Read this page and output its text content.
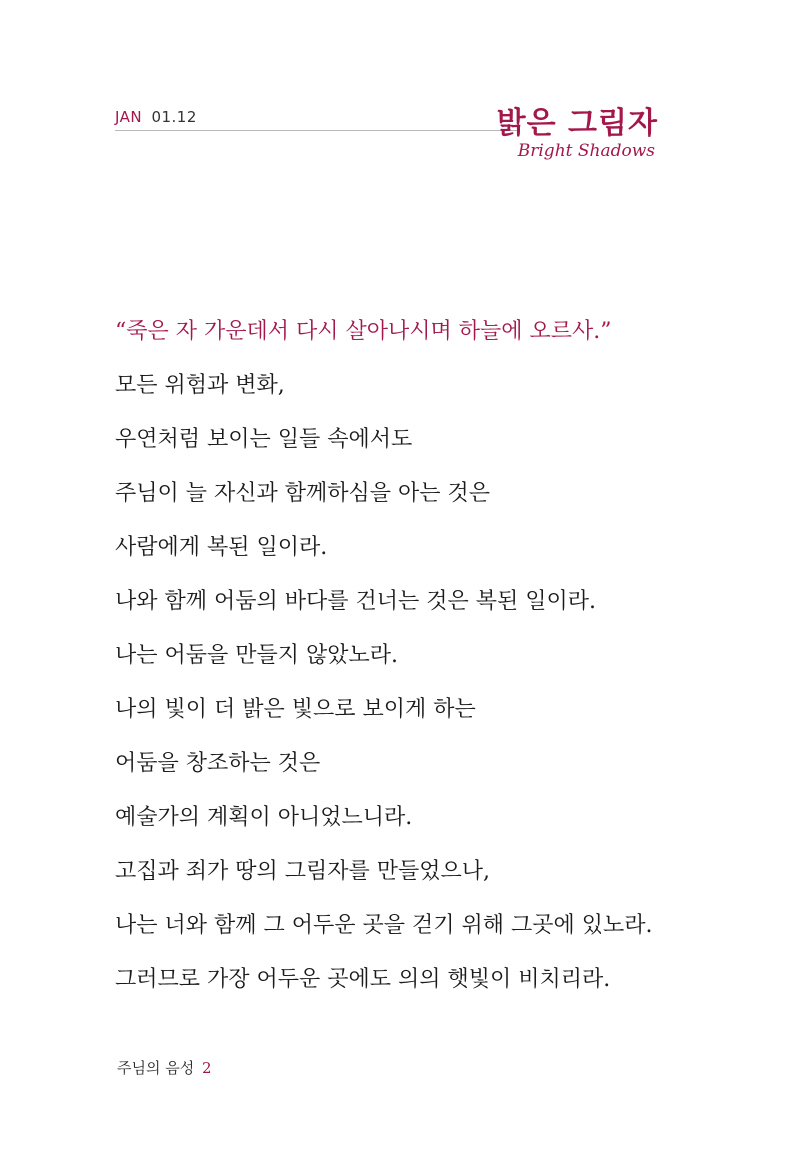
JAN 01.12	밝은 그림자
Bright Shadows
“죽은 자 가운데서 다시 살아나시며 하늘에 오르사.”
모든 위험과 변화,
우연처럼 보이는 일들 속에서도
주님이 늘 자신과 함께하심을 아는 것은
사람에게 복된 일이라.
나와 함께 어둠의 바다를 건너는 것은 복된 일이라.
나는 어둠을 만들지 않았노라.
나의 빛이 더 밝은 빛으로 보이게 하는
어둠을 창조하는 것은
예술가의 계획이 아니었느니라.
고집과 죄가 땅의 그림자를 만들었으나,
나는 너와 함께 그 어두운 곳을 걷기 위해 그곳에 있노라.
그러므로 가장 어두운 곳에도 의의 햇빛이 비치리라.
주님의 음성 2
